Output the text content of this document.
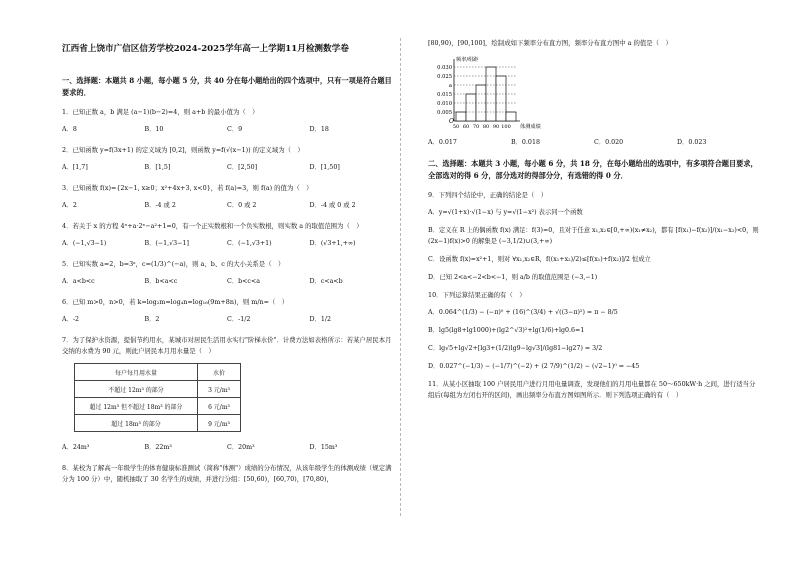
江西省上饶市广信区信芳学校2024-2025学年高一上学期11月检测数学卷
一、选择题：本题共 8 小题，每小题 5 分，共 40 分在每小题给出的四个选项中，只有一项是符合题目要求的．
1．已知正数 a，b 满足 (a−1)(b−2)=4，则 a+b 的最小值为（　）
A．8	B．10	C．9	D．18
2．已知函数 y=f(3x+1) 的定义域为 [0,2]，则函数 y=f(√(x−1)) 的定义域为（　）
A．[1,7]	B．[1,5]	C．[2,50]	D．[1,50]
3．已知函数 f(x)={2x−1, x≥0；x²+4x+3, x<0}，若 f(a)=3，则 f(a) 的值为（　）
A．2	B．-4 或 2	C．0 或 2	D．-4 或 0 或 2
4．若关于 x 的方程 4ˣ+a·2ˣ−a²+1=0，有一个正实数根和一个负实数根，则实数 a 的取值范围为（　）
A．(−1,√3−1)	B．(−1,√3−1]	C．(−1,√3+1)	D．(√3+1,+∞)
5．已知实数 a=2，b=3ᵃ，c=(1/3)^(−a)，则 a、b、c 的大小关系是（　）
A．a<b<c	B．b<a<c	C．b<c<a	D．c<a<b
6．已知 m>0，n>0，若 k=log₂m=log₄n=log₁₆(9m+8n)，则 m/n=（　）
A．-2	B．2	C．-1/2	D．1/2
7．为了保护水资源，提倡节约用水，某城市对居民生活用水实行"阶梯水价"．计费方法如表格所示：若某户居民本月交纳的水费为 90 元，则此户居民本月用水量是（　）
每户每月用水量	水价
不超过 12m³ 的部分	3 元/m³
超过 12m³ 但不超过 18m³ 的部分	6 元/m³
超过 18m³ 的部分	9 元/m³
A．24m³	B．22m³	C．20m³	D．15m³
8．某校为了解高一年级学生的体育健康标准测试（简称"体测"）成绩的分布情况，从该年级学生的体测成绩（规定满分为 100 分）中，随机抽取了 30 名学生的成绩，并进行分组：[50,60)，[60,70)，[70,80)，
[80,90)，[90,100]，绘制成如下频率分布直方图，频率分布直方图中 a 的值是（　）
0.030
0.025
a
0.015
0.010
0.005
50 60 70 80 90 100
O
频率/组距
体测成绩
A．0.017	B．0.018	C．0.020	D．0.023
二、选择题：本题共 3 小题，每小题 6 分，共 18 分，在每小题给出的选项中，有多项符合题目要求，全部选对的得 6 分，部分选对的得部分分，有选错的得 0 分．
9．下列四个结论中，正确的结论是（　）
A．y=√(1+x)·√(1−x) 与 y=√(1−x²) 表示同一个函数
B．定义在 R 上的偶函数 f(x) 满足：f(3)=0，且对于任意 x₁,x₂∈[0,+∞)(x₁≠x₂)，都有 [f(x₁)−f(x₂)]/(x₁−x₂)<0，则 (2x−1)f(x)>0 的解集是 (−3,1/2)∪(3,+∞)
C．设函数 f(x)=x²+1，则对 ∀x₁,x₂∈R，f((x₁+x₂)/2)≤[f(x₁)+f(x₂)]/2 恒成立
D．已知 2<a<−2<b<−1，则 a/b 的取值范围是 (−3,−1)
10．下列运算结果正确的有（　）
A．0.064^(1/3) − (−π)⁰ + (16)^(3/4) + √((3−π)²) = π − 8/5
B．lg5(lg8+lg1000)+(lg2^√3)²+lg(1/6)+lg0.6=1
C．lg√5+lg√2+[lg3+(1/2)lg9−lg√3]/(lg81−lg27) = 3/2
D．0.027^(−1/3) − (−1/7)^(−2) + (2 7/9)^(1/2) − (√2−1)⁰ = −45
11．从某小区抽取 100 户居民用户进行月用电量调查，发现他们的月用电量都在 50～650kW·h 之间，进行适当分组后(每组为左闭右开的区间)，画出频率分布直方图如图所示．则下列选项正确的有（　）
